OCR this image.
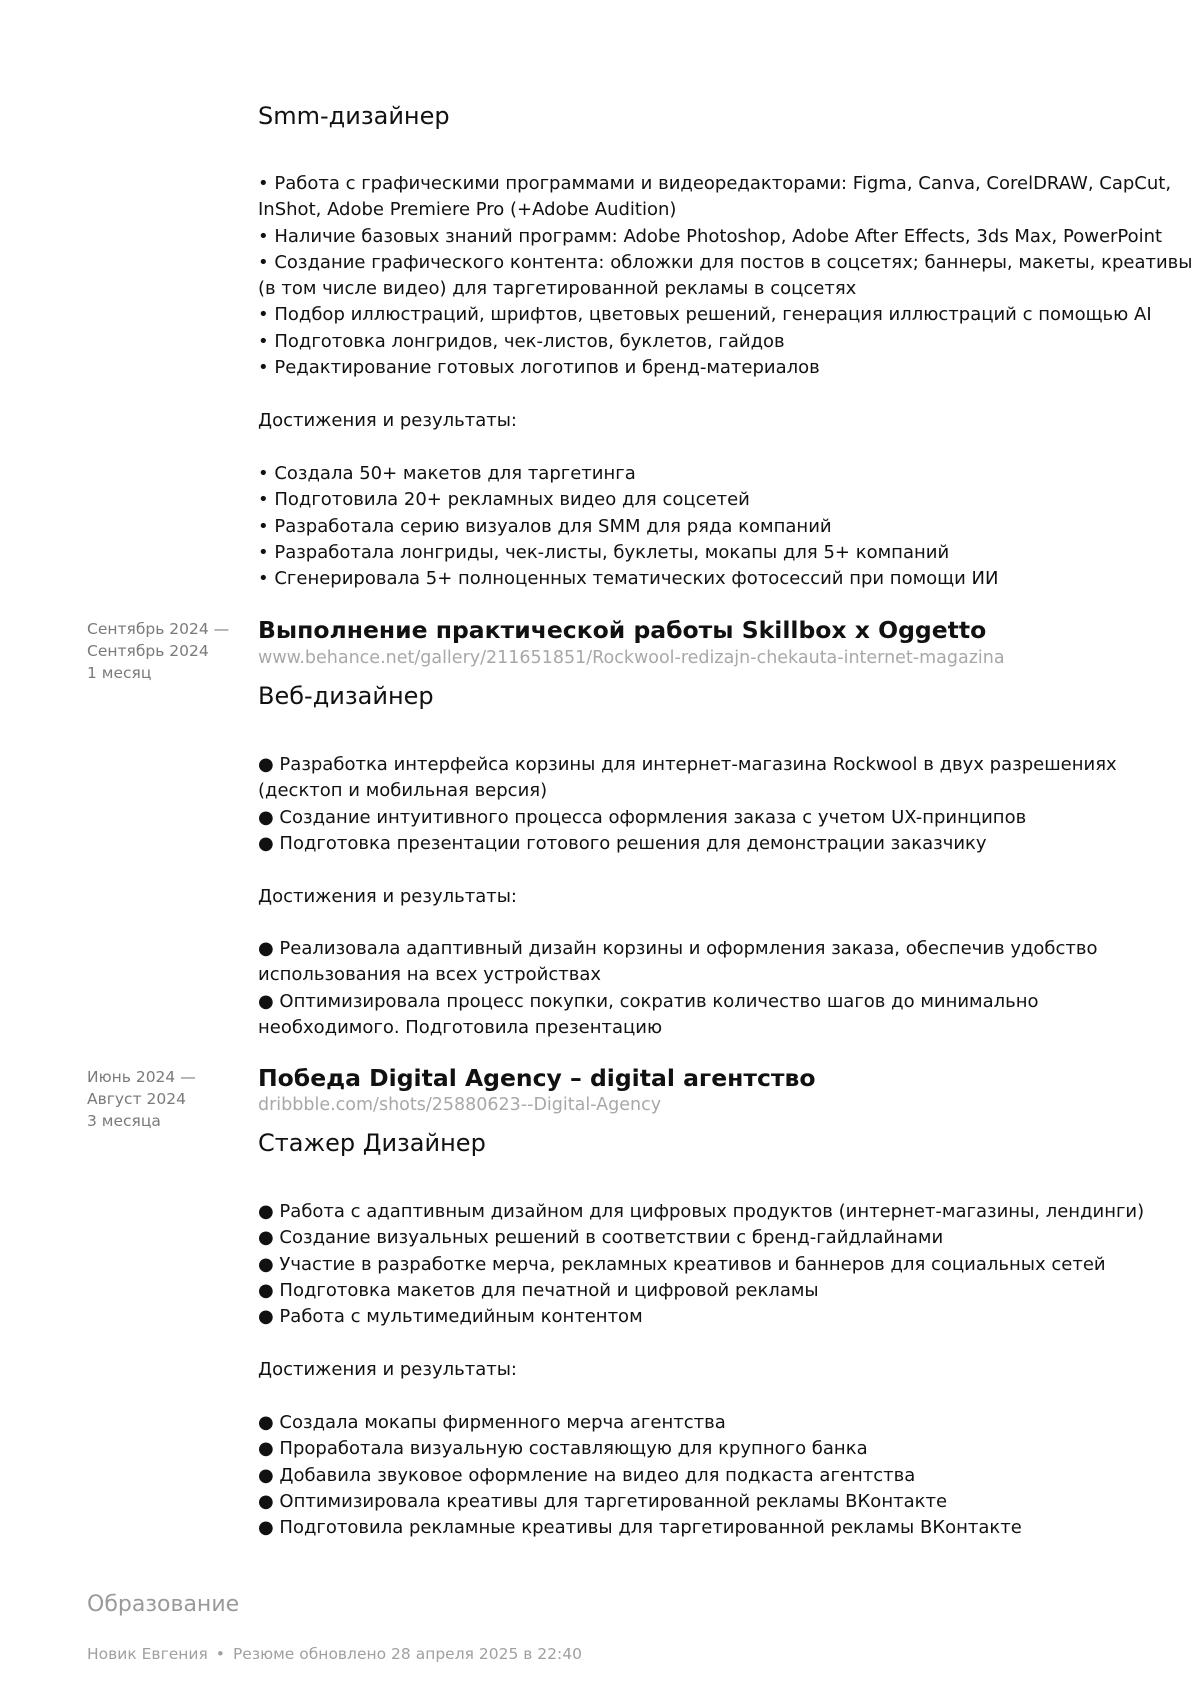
Smm-дизайнер
• Работа с графическими программами и видеоредакторами: Figma, Canva, CorelDRAW, CapCut,
InShot, Adobe Premiere Pro (+Adobe Audition)
• Наличие базовых знаний программ: Adobe Photoshop, Adobe After Effects, 3ds Max, PowerPoint
• Создание графического контента: обложки для постов в соцсетях; баннеры, макеты, креативы
(в том числе видео) для таргетированной рекламы в соцсетях
• Подбор иллюстраций, шрифтов, цветовых решений, генерация иллюстраций с помощью AI
• Подготовка лонгридов, чек-листов, буклетов, гайдов
• Редактирование готовых логотипов и бренд-материалов
Достижения и результаты:
• Создала 50+ макетов для таргетинга
• Подготовила 20+ рекламных видео для соцсетей
• Разработала серию визуалов для SMM для ряда компаний
• Разработала лонгриды, чек-листы, буклеты, мокапы для 5+ компаний
• Сгенерировала 5+ полноценных тематических фотосессий при помощи ИИ
Сентябрь 2024 —
Сентябрь 2024
1 месяц
Выполнение практической работы Skillbox x Oggetto
www.behance.net/gallery/211651851/Rockwool-redizajn-chekauta-internet-magazina
Веб-дизайнер
● Разработка интерфейса корзины для интернет-магазина Rockwool в двух разрешениях
(десктоп и мобильная версия)
● Создание интуитивного процесса оформления заказа с учетом UX-принципов
● Подготовка презентации готового решения для демонстрации заказчику
Достижения и результаты:
● Реализовала адаптивный дизайн корзины и оформления заказа, обеспечив удобство
использования на всех устройствах
● Оптимизировала процесс покупки, сократив количество шагов до минимально
необходимого. Подготовила презентацию
Июнь 2024 —
Август 2024
3 месяца
Победа Digital Agency – digital агентство
dribbble.com/shots/25880623--Digital-Agency
Стажер Дизайнер
● Работа с адаптивным дизайном для цифровых продуктов (интернет-магазины, лендинги)
● Создание визуальных решений в соответствии с бренд-гайдлайнами
● Участие в разработке мерча, рекламных креативов и баннеров для социальных сетей
● Подготовка макетов для печатной и цифровой рекламы
● Работа с мультимедийным контентом
Достижения и результаты:
● Создала мокапы фирменного мерча агентства
● Проработала визуальную составляющую для крупного банка
● Добавила звуковое оформление на видео для подкаста агентства
● Оптимизировала креативы для таргетированной рекламы ВКонтакте
● Подготовила рекламные креативы для таргетированной рекламы ВКонтакте
Образование
Новик Евгения • Резюме обновлено 28 апреля 2025 в 22:40
